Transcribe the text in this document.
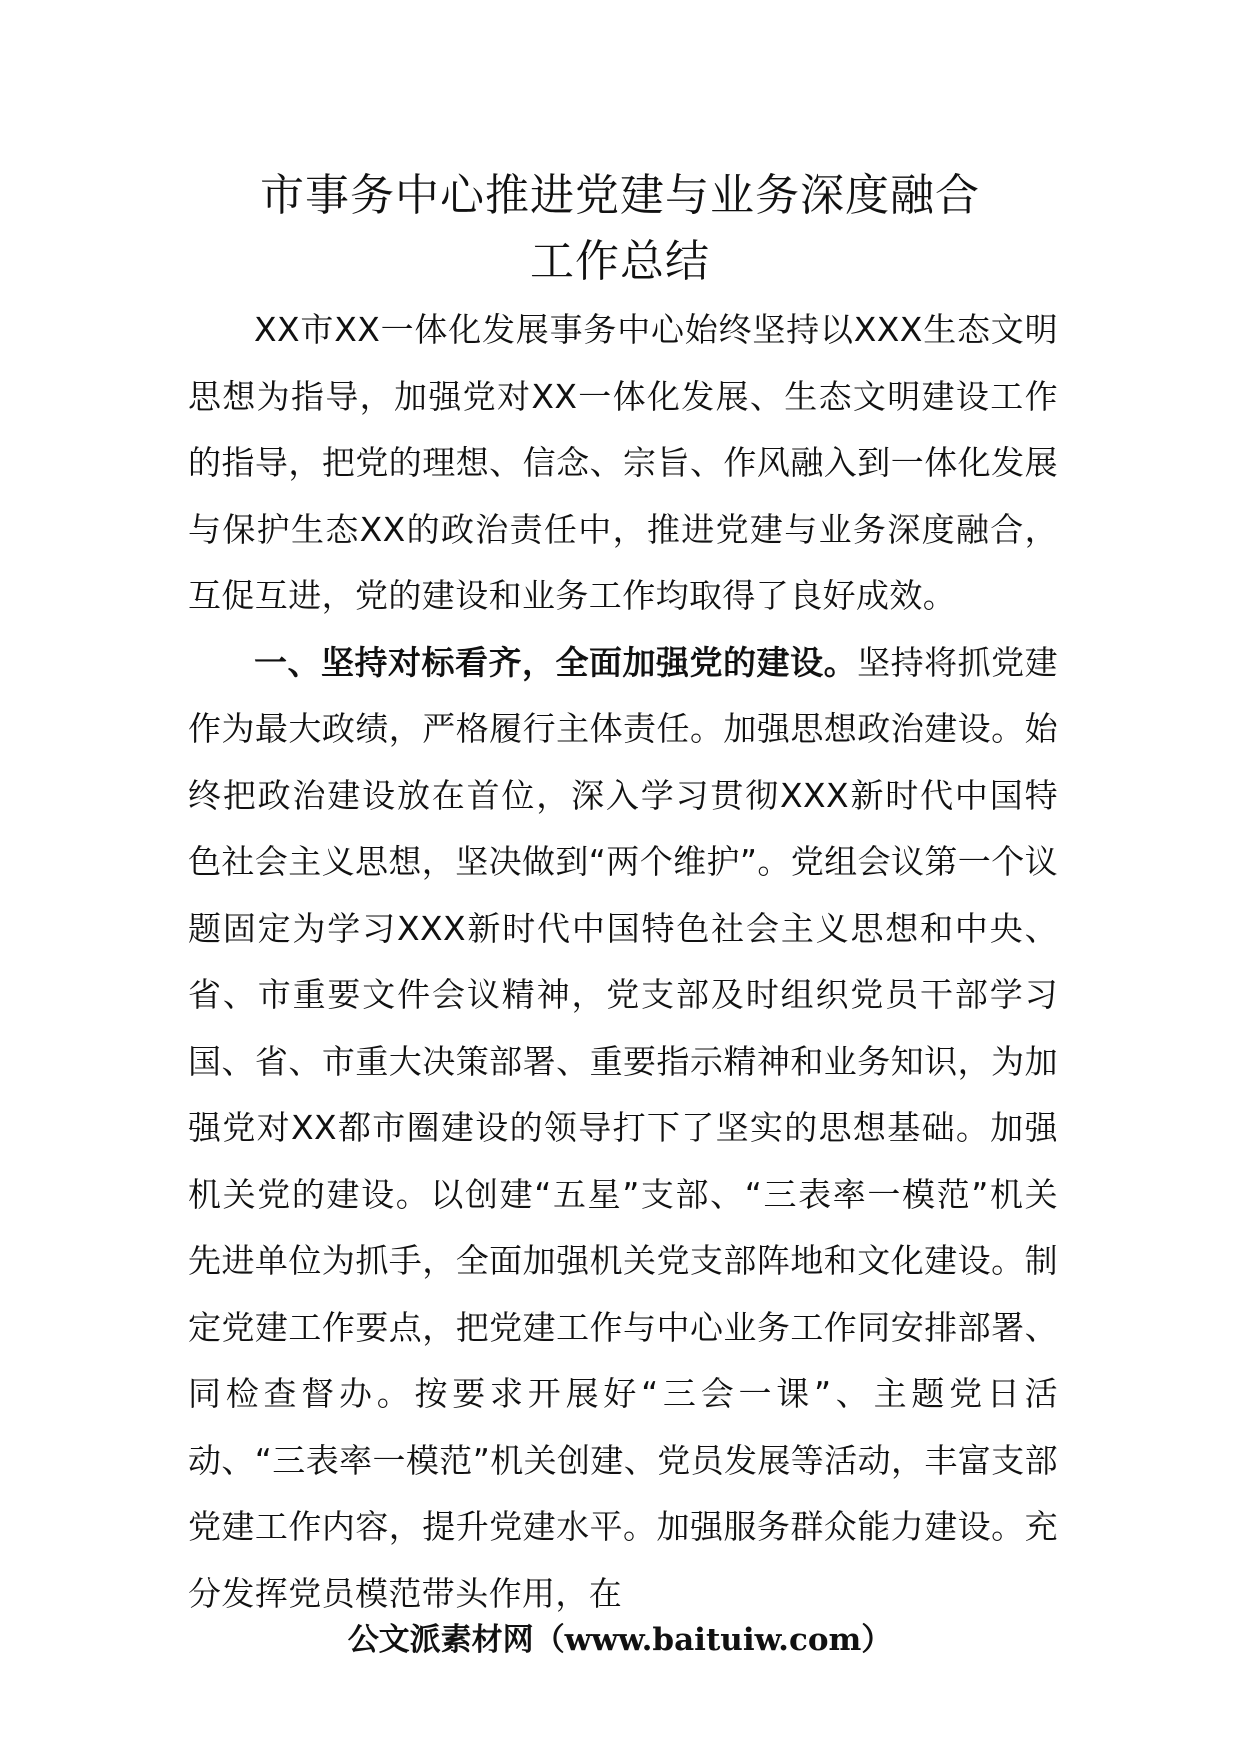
市事务中心推进党建与业务深度融合
工作总结

XX市XX一体化发展事务中心始终坚持以XXX生态文明思想为指导，加强党对XX一体化发展、生态文明建设工作的指导，把党的理想、信念、宗旨、作风融入到一体化发展与保护生态XX的政治责任中，推进党建与业务深度融合，互促互进，党的建设和业务工作均取得了良好成效。

一、坚持对标看齐，全面加强党的建设。坚持将抓党建作为最大政绩，严格履行主体责任。加强思想政治建设。始终把政治建设放在首位，深入学习贯彻XXX新时代中国特色社会主义思想，坚决做到“两个维护”。党组会议第一个议题固定为学习XXX新时代中国特色社会主义思想和中央、省、市重要文件会议精神，党支部及时组织党员干部学习国、省、市重大决策部署、重要指示精神和业务知识，为加强党对XX都市圈建设的领导打下了坚实的思想基础。加强机关党的建设。以创建“五星”支部、“三表率一模范”机关先进单位为抓手，全面加强机关党支部阵地和文化建设。制定党建工作要点，把党建工作与中心业务工作同安排部署、同检查督办。按要求开展好“三会一课”、主题党日活动、“三表率一模范”机关创建、党员发展等活动，丰富支部党建工作内容，提升党建水平。加强服务群众能力建设。充分发挥党员模范带头作用，在

公文派素材网（www.baituiw.com）
